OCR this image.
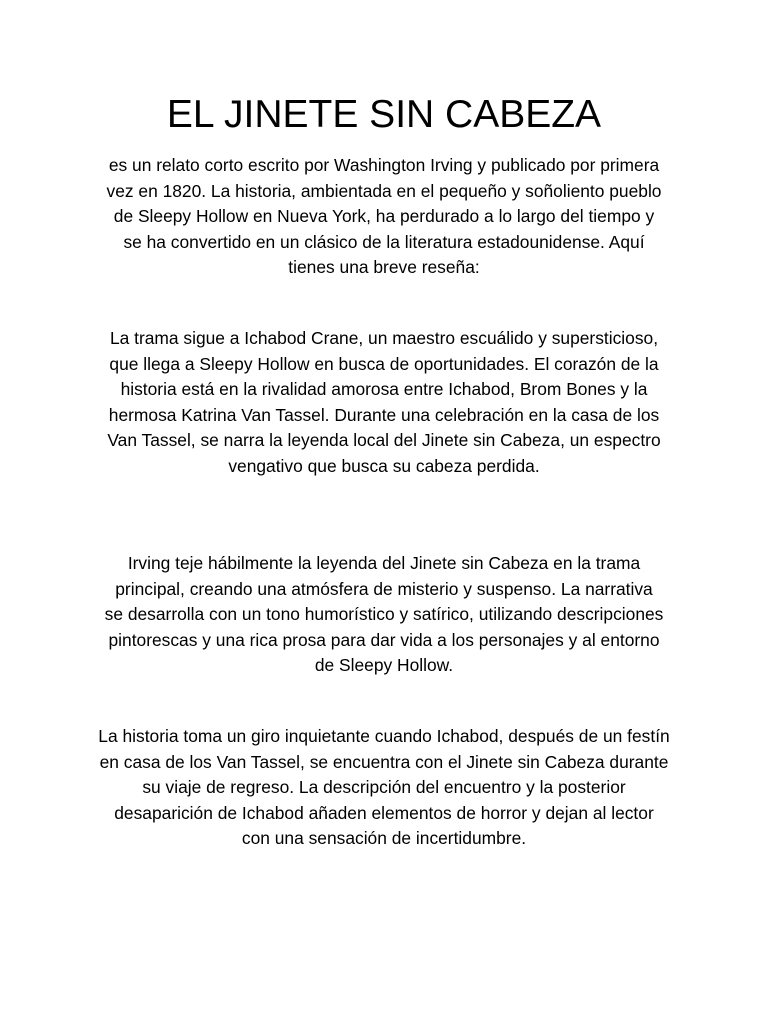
EL JINETE SIN CABEZA

es un relato corto escrito por Washington Irving y publicado por primera vez en 1820. La historia, ambientada en el pequeño y soñoliento pueblo de Sleepy Hollow en Nueva York, ha perdurado a lo largo del tiempo y se ha convertido en un clásico de la literatura estadounidense. Aquí tienes una breve reseña:

La trama sigue a Ichabod Crane, un maestro escuálido y supersticioso, que llega a Sleepy Hollow en busca de oportunidades. El corazón de la historia está en la rivalidad amorosa entre Ichabod, Brom Bones y la hermosa Katrina Van Tassel. Durante una celebración en la casa de los Van Tassel, se narra la leyenda local del Jinete sin Cabeza, un espectro vengativo que busca su cabeza perdida.

Irving teje hábilmente la leyenda del Jinete sin Cabeza en la trama principal, creando una atmósfera de misterio y suspenso. La narrativa se desarrolla con un tono humorístico y satírico, utilizando descripciones pintorescas y una rica prosa para dar vida a los personajes y al entorno de Sleepy Hollow.

La historia toma un giro inquietante cuando Ichabod, después de un festín en casa de los Van Tassel, se encuentra con el Jinete sin Cabeza durante su viaje de regreso. La descripción del encuentro y la posterior desaparición de Ichabod añaden elementos de horror y dejan al lector con una sensación de incertidumbre.
